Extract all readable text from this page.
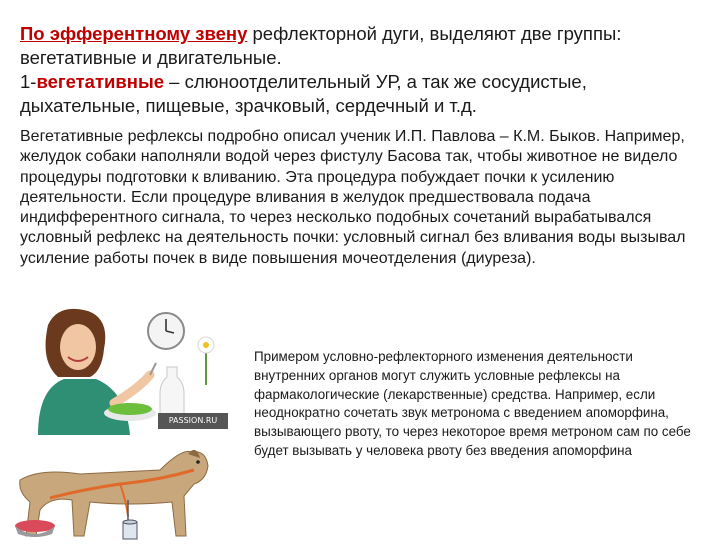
По эфферентному звену рефлекторной дуги, выделяют две группы:
вегетативные и двигательные.
1-вегетативные – слюноотделительный УР, а так же сосудистые, дыхательные, пищевые, зрачковый, сердечный и т.д.
Вегетативные рефлексы подробно описал ученик И.П. Павлова – К.М. Быков. Например, желудок собаки наполняли водой через фистулу Басова так, чтобы животное не видело процедуры подготовки к вливанию. Эта процедура побуждает почки к усилению деятельности. Если процедуре вливания в желудок предшествовала подача индифферентного сигнала, то через несколько подобных сочетаний вырабатывался условный рефлекс на деятельность почки: условный сигнал без вливания воды вызывал усиление работы почек в виде повышения мочеотделения (диуреза).
PASSION.RU
Примером условно-рефлекторного изменения деятельности внутренних органов могут служить условные рефлексы на фармакологические (лекарственные) средства. Например, если неоднократно сочетать звук метронома с введением апоморфина, вызывающего рвоту, то через некоторое время метроном сам по себе будет вызывать у человека рвоту без введения апоморфина
